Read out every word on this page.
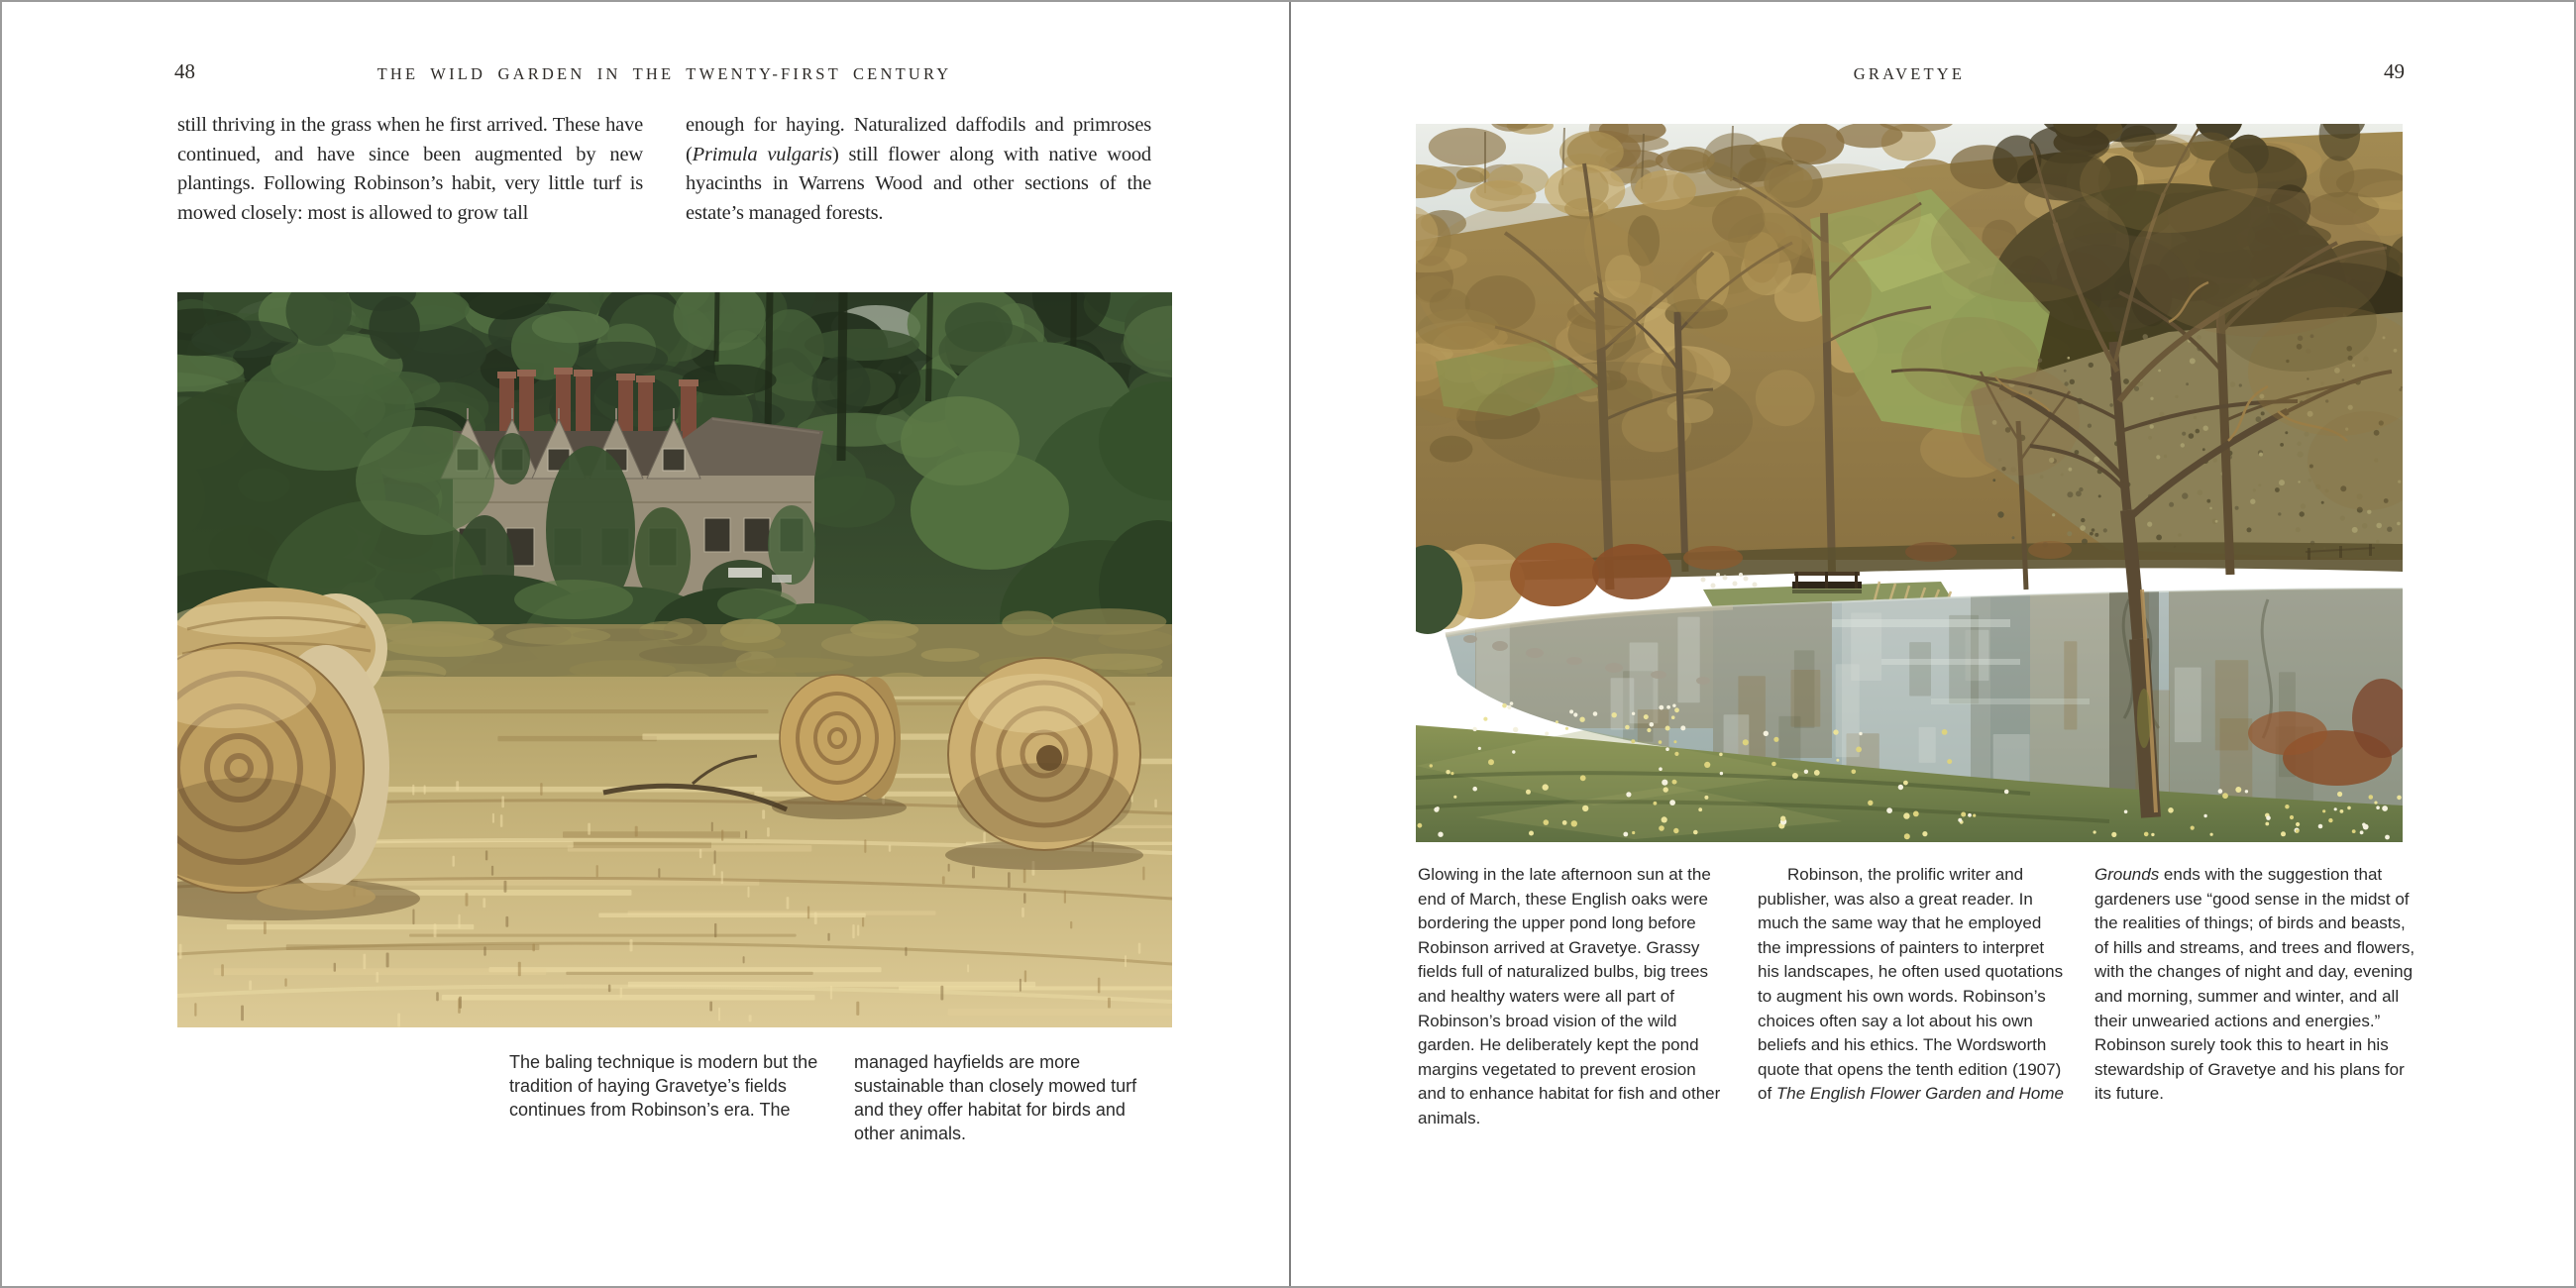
48	THE WILD GARDEN IN THE TWENTY-FIRST CENTURY

still thriving in the grass when he first arrived. These have continued, and have since been augmented by new plantings. Following Robinson’s habit, very little turf is mowed closely: most is allowed to grow tall

enough for haying. Naturalized daffodils and primroses (Primula vulgaris) still flower along with native wood hyacinths in Warrens Wood and other sections of the estate’s managed forests.

The baling technique is modern but the tradition of haying Gravetye’s fields continues from Robinson’s era. The

managed hayfields are more sustainable than closely mowed turf and they offer habitat for birds and other animals.

GRAVETYE	49

Glowing in the late afternoon sun at the end of March, these English oaks were bordering the upper pond long before Robinson arrived at Gravetye. Grassy fields full of naturalized bulbs, big trees and healthy waters were all part of Robinson’s broad vision of the wild garden. He deliberately kept the pond margins vegetated to prevent erosion and to enhance habitat for fish and other animals.

Robinson, the prolific writer and publisher, was also a great reader. In much the same way that he employed the impressions of painters to interpret his landscapes, he often used quotations to augment his own words. Robinson’s choices often say a lot about his own beliefs and his ethics. The Wordsworth quote that opens the tenth edition (1907) of The English Flower Garden and Home

Grounds ends with the suggestion that gardeners use “good sense in the midst of the realities of things; of birds and beasts, of hills and streams, and trees and flowers, with the changes of night and day, evening and morning, summer and winter, and all their unwearied actions and energies.” Robinson surely took this to heart in his stewardship of Gravetye and his plans for its future.
